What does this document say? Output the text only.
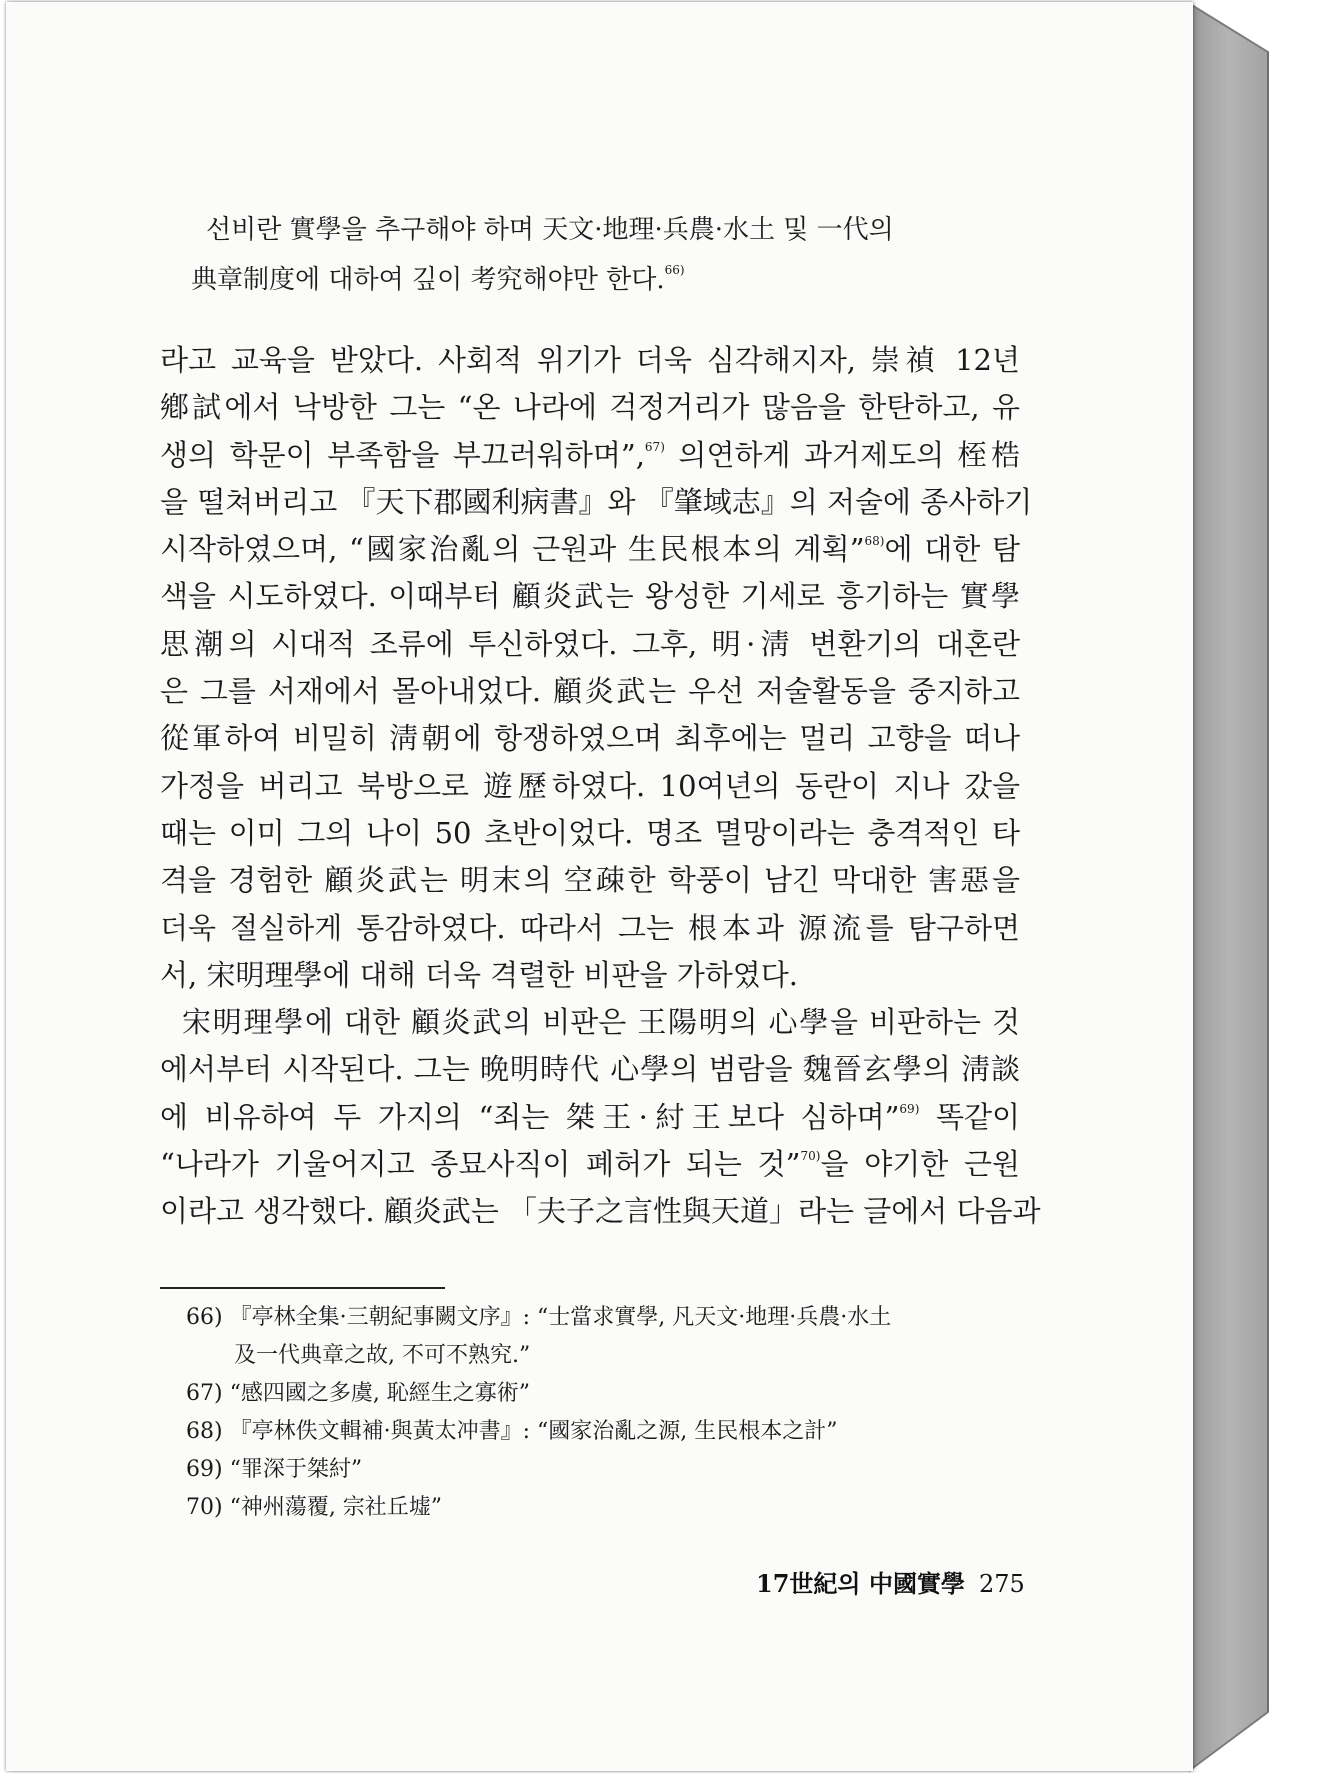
선비란 實學을 추구해야 하며 天文·地理·兵農·水土 및 一代의
典章制度에 대하여 깊이 考究해야만 한다.$^{66)}$
라고 교육을 받았다. 사회적 위기가 더욱 심각해지자, 崇禎 12년
鄕試에서 낙방한 그는 “온 나라에 걱정거리가 많음을 한탄하고, 유
생의 학문이 부족함을 부끄러워하며”,$^{67)}$ 의연하게 과거제도의 桎梏
을 떨쳐버리고 『天下郡國利病書』와 『肇域志』의 저술에 종사하기
시작하였으며, “國家治亂의 근원과 生民根本의 계획”$^{68)}$에 대한 탐
색을 시도하였다. 이때부터 顧炎武는 왕성한 기세로 흥기하는 實學
思潮의 시대적 조류에 투신하였다. 그후, 明·淸 변환기의 대혼란
은 그를 서재에서 몰아내었다. 顧炎武는 우선 저술활동을 중지하고
從軍하여 비밀히 淸朝에 항쟁하였으며 최후에는 멀리 고향을 떠나
가정을 버리고 북방으로 遊歷하였다. 10여년의 동란이 지나 갔을
때는 이미 그의 나이 50 초반이었다. 명조 멸망이라는 충격적인 타
격을 경험한 顧炎武는 明末의 空疎한 학풍이 남긴 막대한 害惡을
더욱 절실하게 통감하였다. 따라서 그는 根本과 源流를 탐구하면
서, 宋明理學에 대해 더욱 격렬한 비판을 가하였다.
宋明理學에 대한 顧炎武의 비판은 王陽明의 心學을 비판하는 것
에서부터 시작된다. 그는 晩明時代 心學의 범람을 魏晉玄學의 淸談
에 비유하여 두 가지의 “죄는 桀王·紂王보다 심하며”$^{69)}$ 똑같이
“나라가 기울어지고 종묘사직이 폐허가 되는 것”$^{70)}$을 야기한 근원
이라고 생각했다. 顧炎武는 「夫子之言性與天道」라는 글에서 다음과
66) 『亭林全集·三朝紀事闕文序』: “士當求實學, 凡天文·地理·兵農·水土
及一代典章之故, 不可不熟究.”
67) “感四國之多虞, 恥經生之寡術”
68) 『亭林佚文輯補·與黃太冲書』: “國家治亂之源, 生民根本之計”
69) “罪深于桀紂”
70) “神州蕩覆, 宗社丘墟”
17世紀의 中國實學 275
